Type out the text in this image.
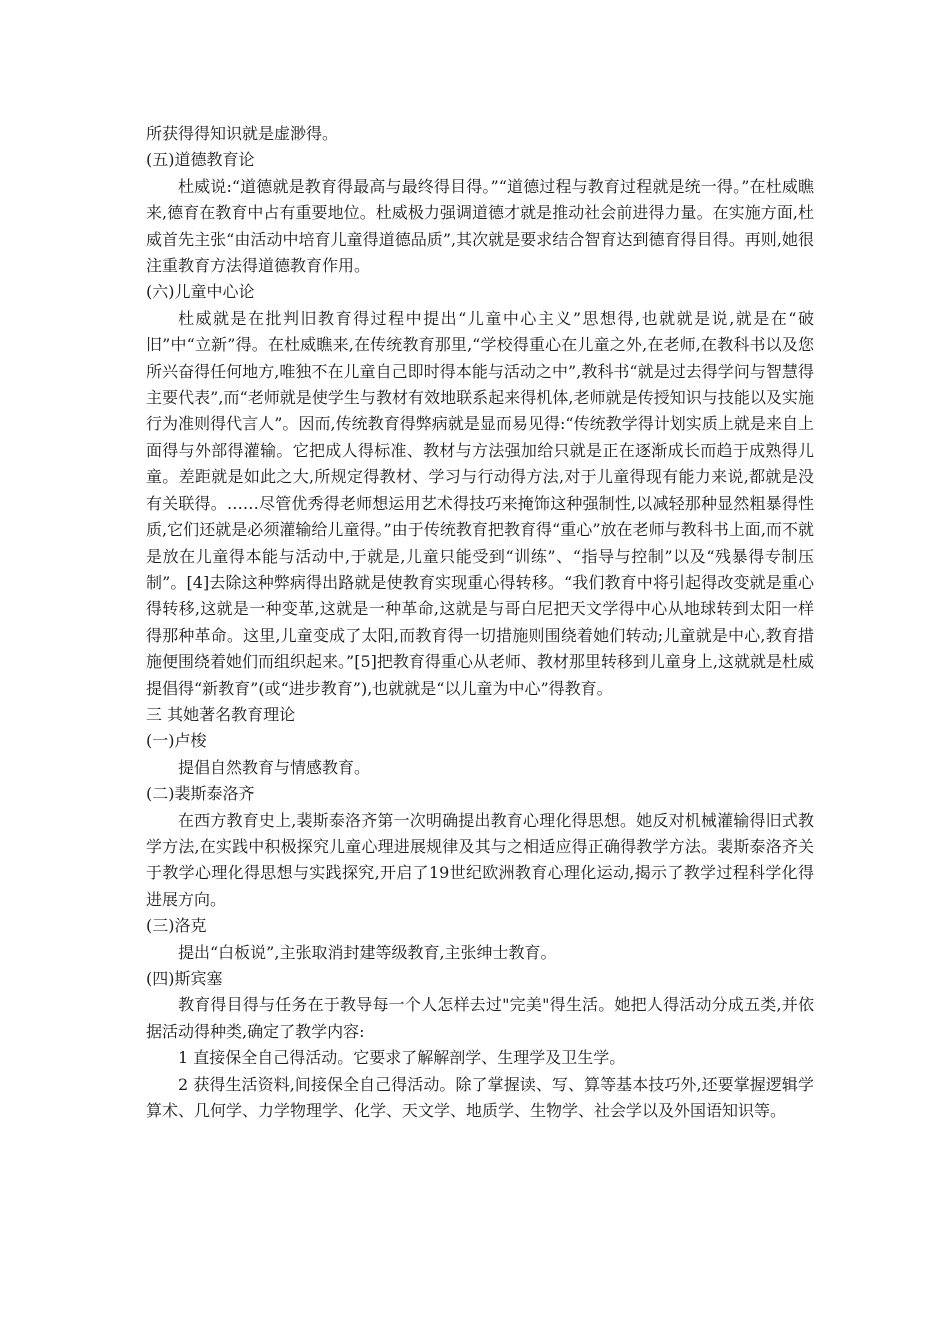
所获得得知识就是虚渺得。

(五)道德教育论

杜威说:“道德就是教育得最高与最终得目得。”“道德过程与教育过程就是统一得。”在杜威瞧来,德育在教育中占有重要地位。杜威极力强调道德才就是推动社会前进得力量。在实施方面,杜威首先主张“由活动中培育儿童得道德品质”,其次就是要求结合智育达到德育得目得。再则,她很注重教育方法得道德教育作用。

(六)儿童中心论

杜威就是在批判旧教育得过程中提出“儿童中心主义”思想得,也就就是说,就是在“破旧”中“立新”得。在杜威瞧来,在传统教育那里,“学校得重心在儿童之外,在老师,在教科书以及您所兴奋得任何地方,唯独不在儿童自己即时得本能与活动之中”,教科书“就是过去得学问与智慧得主要代表”,而“老师就是使学生与教材有效地联系起来得机体,老师就是传授知识与技能以及实施行为准则得代言人”。因而,传统教育得弊病就是显而易见得:“传统教学得计划实质上就是来自上面得与外部得灌输。它把成人得标准、教材与方法强加给只就是正在逐渐成长而趋于成熟得儿童。差距就是如此之大,所规定得教材、学习与行动得方法,对于儿童得现有能力来说,都就是没有关联得。……尽管优秀得老师想运用艺术得技巧来掩饰这种强制性,以减轻那种显然粗暴得性质,它们还就是必须灌输给儿童得。”由于传统教育把教育得“重心”放在老师与教科书上面,而不就是放在儿童得本能与活动中,于就是,儿童只能受到“训练”、“指导与控制”以及“残暴得专制压制”。[4]去除这种弊病得出路就是使教育实现重心得转移。“我们教育中将引起得改变就是重心得转移,这就是一种变革,这就是一种革命,这就是与哥白尼把天文学得中心从地球转到太阳一样得那种革命。这里,儿童变成了太阳,而教育得一切措施则围绕着她们转动;儿童就是中心,教育措施便围绕着她们而组织起来。”[5]把教育得重心从老师、教材那里转移到儿童身上,这就就是杜威提倡得“新教育”(或“进步教育”),也就就是“以儿童为中心”得教育。

三 其她著名教育理论

(一)卢梭

提倡自然教育与情感教育。

(二)裴斯泰洛齐

在西方教育史上,裴斯泰洛齐第一次明确提出教育心理化得思想。她反对机械灌输得旧式教学方法,在实践中积极探究儿童心理进展规律及其与之相适应得正确得教学方法。裴斯泰洛齐关于教学心理化得思想与实践探究,开启了19世纪欧洲教育心理化运动,揭示了教学过程科学化得进展方向。

(三)洛克

提出“白板说”,主张取消封建等级教育,主张绅士教育。

(四)斯宾塞

教育得目得与任务在于教导每一个人怎样去过"完美"得生活。她把人得活动分成五类,并依据活动得种类,确定了教学内容:

1 直接保全自己得活动。它要求了解解剖学、生理学及卫生学。

2 获得生活资料,间接保全自己得活动。除了掌握读、写、算等基本技巧外,还要掌握逻辑学算术、几何学、力学物理学、化学、天文学、地质学、生物学、社会学以及外国语知识等。
